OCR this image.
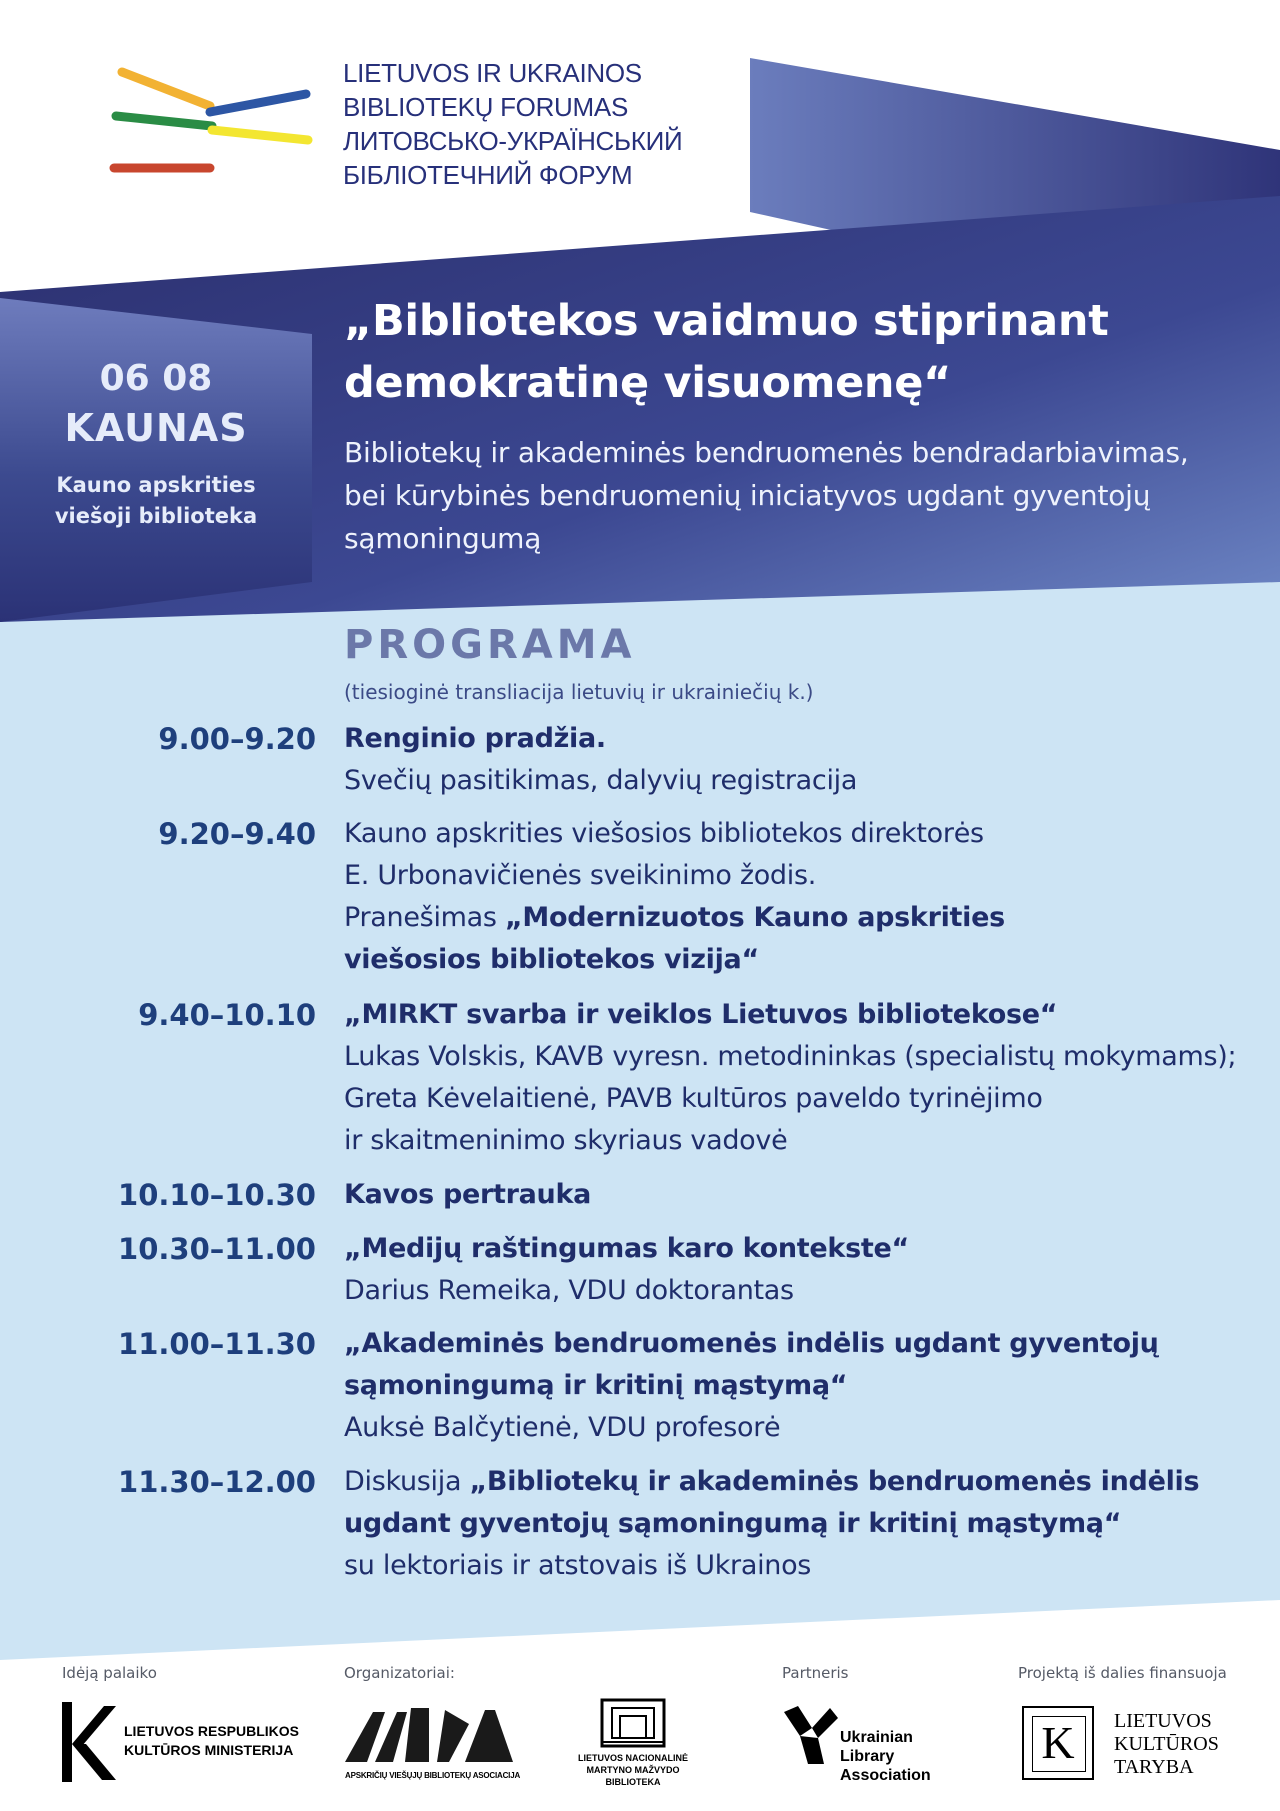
LIETUVOS IR UKRAINOS
BIBLIOTEKŲ FORUMAS
ЛИТОВСЬКО-УКРАЇНСЬКИЙ
БІБЛІОТЕЧНИЙ ФОРУМ
06 08
KAUNAS
Kauno apskrities
viešoji biblioteka
„Bibliotekos vaidmuo stiprinant
demokratinę visuomenę“
Bibliotekų ir akademinės bendruomenės bendradarbiavimas,
bei kūrybinės bendruomenių iniciatyvos ugdant gyventojų
sąmoningumą
PROGRAMA
(tiesioginė transliacija lietuvių ir ukrainiečių k.)
9.00–9.20 Renginio pradžia.
Svečių pasitikimas, dalyvių registracija
9.20–9.40 Kauno apskrities viešosios bibliotekos direktorės
E. Urbonavičienės sveikinimo žodis.
Pranešimas „Modernizuotos Kauno apskrities
viešosios bibliotekos vizija“
9.40–10.10 „MIRKT svarba ir veiklos Lietuvos bibliotekose“
Lukas Volskis, KAVB vyresn. metodininkas (specialistų mokymams);
Greta Kėvelaitienė, PAVB kultūros paveldo tyrinėjimo
ir skaitmeninimo skyriaus vadovė
10.10–10.30 Kavos pertrauka
10.30–11.00 „Medijų raštingumas karo kontekste“
Darius Remeika, VDU doktorantas
11.00–11.30 „Akademinės bendruomenės indėlis ugdant gyventojų
sąmoningumą ir kritinį mąstymą“
Auksė Balčytienė, VDU profesorė
11.30–12.00 Diskusija „Bibliotekų ir akademinės bendruomenės indėlis
ugdant gyventojų sąmoningumą ir kritinį mąstymą“
su lektoriais ir atstovais iš Ukrainos
Idėją palaiko	Organizatoriai:	Partneris	Projektą iš dalies finansuoja
LIETUVOS RESPUBLIKOS
KULTŪROS MINISTERIJA
APSKRIČIŲ VIEŠŲJŲ BIBLIOTEKŲ ASOCIACIJA
LIETUVOS NACIONALINĖ
MARTYNO MAŽVYDO
BIBLIOTEKA
Ukrainian
Library
Association
K	LIETUVOS
KULTŪROS
TARYBA
